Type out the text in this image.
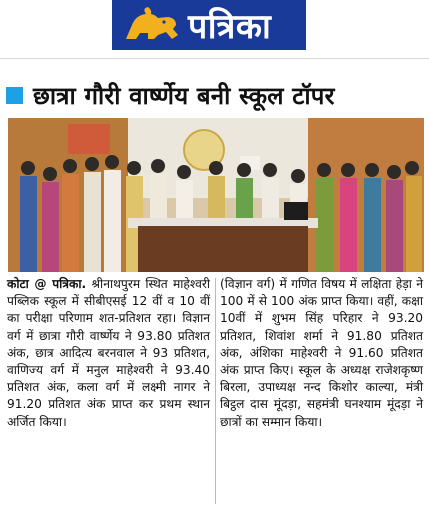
पत्रिका
छात्रा गौरी वार्ष्णेय बनी स्कूल टॉपर
कोटा @ पत्रिका. श्रीनाथपुरम स्थित माहेश्वरी पब्लिक स्कूल में सीबीएसई 12 वीं व 10 वीं का परीक्षा परिणाम शत-प्रतिशत रहा। विज्ञान वर्ग में छात्रा गौरी वार्ष्णेय ने 93.80 प्रतिशत अंक, छात्र आदित्य बरनवाल ने 93 प्रतिशत, वाणिज्य वर्ग में मनुल माहेश्वरी ने 93.40 प्रतिशत अंक, कला वर्ग में लक्ष्मी नागर ने 91.20 प्रतिशत अंक प्राप्त कर प्रथम स्थान अर्जित किया।
(विज्ञान वर्ग) में गणित विषय में लक्षिता हेड़ा ने 100 में से 100 अंक प्राप्त किया। वहीं, कक्षा 10वीं में शुभम सिंह परिहार ने 93.20 प्रतिशत, शिवांश शर्मा ने 91.80 प्रतिशत अंक, अंशिका माहेश्वरी ने 91.60 प्रतिशत अंक प्राप्त किए। स्कूल के अध्यक्ष राजेशकृष्ण बिरला, उपाध्यक्ष नन्द किशोर काल्या, मंत्री बिट्ठल दास मूंदड़ा, सहमंत्री घनश्याम मूंदड़ा ने छात्रों का सम्मान किया।
